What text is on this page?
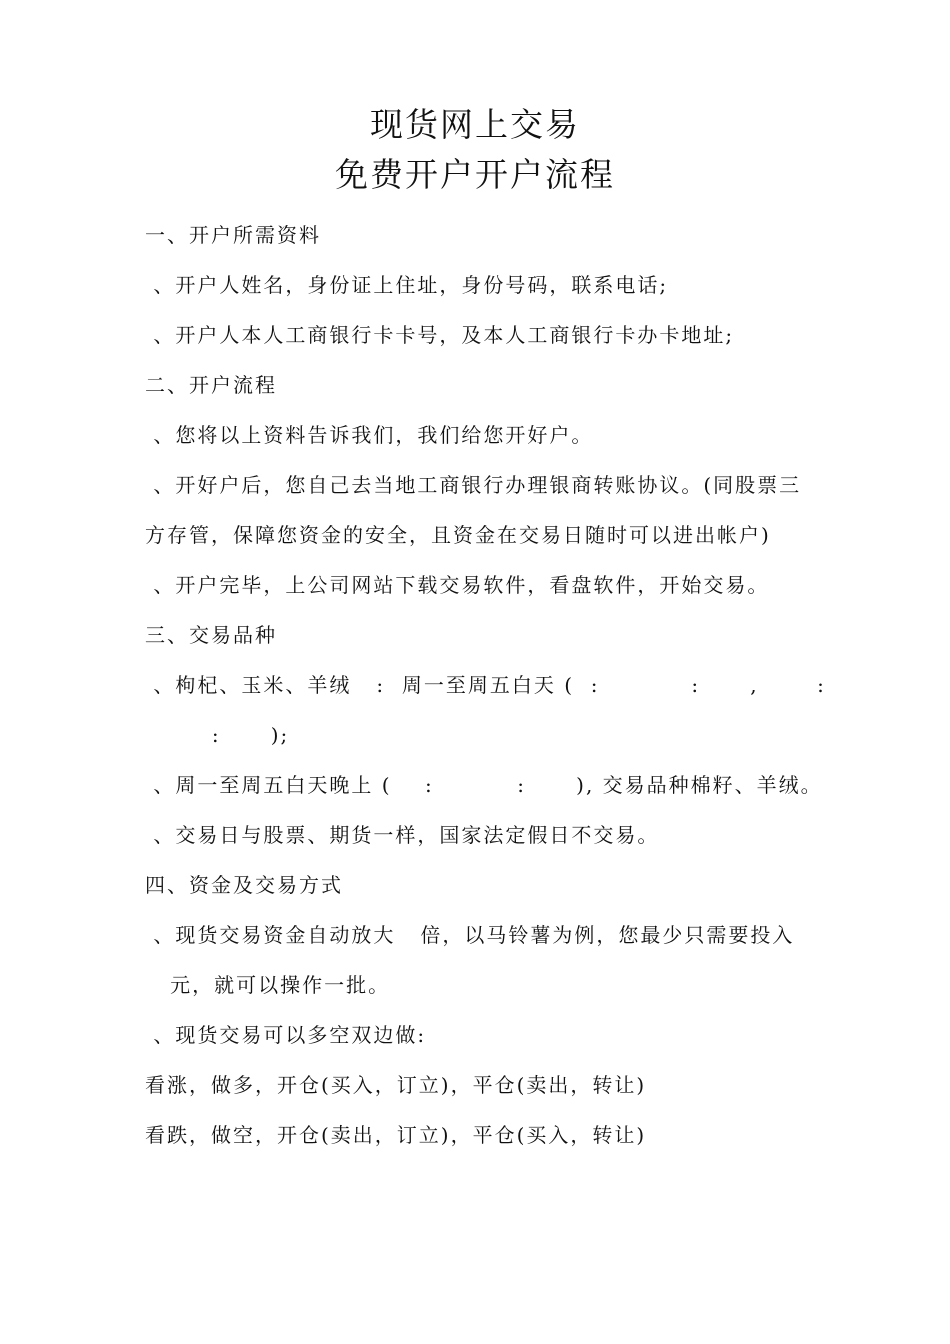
现货网上交易
免费开户开户流程
一、开户所需资料
、开户人姓名，身份证上住址，身份号码，联系电话;
、开户人本人工商银行卡卡号，及本人工商银行卡办卡地址;
二、开户流程
、您将以上资料告诉我们，我们给您开好户。
、开好户后，您自己去当地工商银行办理银商转账协议。(同股票三
方存管，保障您资金的安全，且资金在交易日随时可以进出帐户)
、开户完毕，上公司网站下载交易软件，看盘软件，开始交易。
三、交易品种
、枸杞、玉米、羊绒   :  周一至周五白天 (  :           :      ,       :
:      );
、周一至周五白天晚上 (    :          :      ), 交易品种棉籽、羊绒。
、交易日与股票、期货一样，国家法定假日不交易。
四、资金及交易方式
、现货交易资金自动放大   倍，以马铃薯为例，您最少只需要投入
元，就可以操作一批。
、现货交易可以多空双边做:
看涨，做多，开仓(买入，订立)，平仓(卖出，转让)
看跌，做空，开仓(卖出，订立)，平仓(买入，转让)
